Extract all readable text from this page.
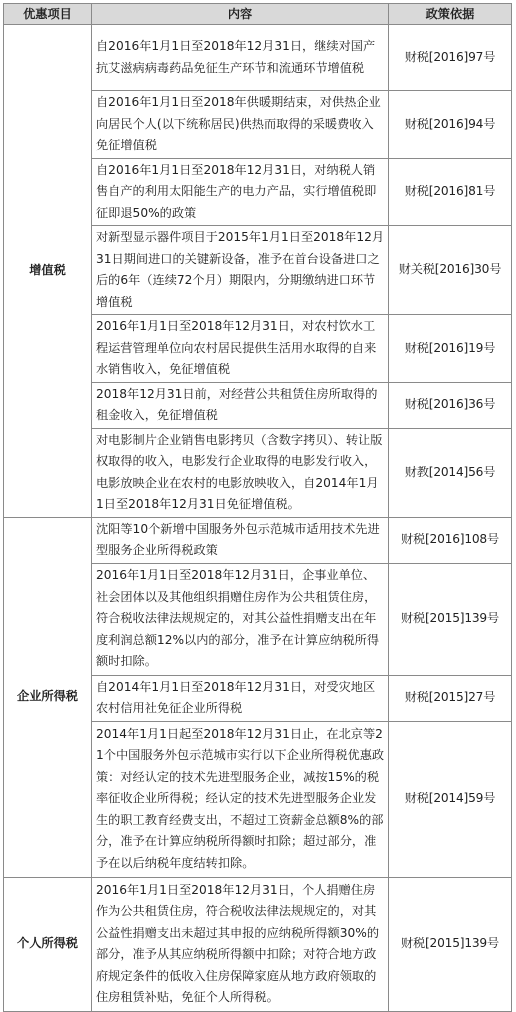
优惠项目	内容	政策依据
增值税	自2016年1月1日至2018年12月31日，继续对国产抗艾滋病病毒药品免征生产环节和流通环节增值税	财税[2016]97号
	自2016年1月1日至2018年供暖期结束，对供热企业向居民个人(以下统称居民)供热而取得的采暖费收入免征增值税	财税[2016]94号
	自2016年1月1日至2018年12月31日，对纳税人销售自产的利用太阳能生产的电力产品，实行增值税即征即退50%的政策	财税[2016]81号
	对新型显示器件项目于2015年1月1日至2018年12月31日期间进口的关键新设备，准予在首台设备进口之后的6年（连续72个月）期限内，分期缴纳进口环节增值税	财关税[2016]30号
	2016年1月1日至2018年12月31日，对农村饮水工程运营管理单位向农村居民提供生活用水取得的自来水销售收入，免征增值税	财税[2016]19号
	2018年12月31日前，对经营公共租赁住房所取得的租金收入，免征增值税	财税[2016]36号
	对电影制片企业销售电影拷贝（含数字拷贝）、转让版权取得的收入，电影发行企业取得的电影发行收入，电影放映企业在农村的电影放映收入，自2014年1月1日至2018年12月31日免征增值税。	财教[2014]56号
企业所得税	沈阳等10个新增中国服务外包示范城市适用技术先进型服务企业所得税政策	财税[2016]108号
	2016年1月1日至2018年12月31日，企事业单位、社会团体以及其他组织捐赠住房作为公共租赁住房，符合税收法律法规规定的，对其公益性捐赠支出在年度利润总额12%以内的部分，准予在计算应纳税所得额时扣除。	财税[2015]139号
	自2014年1月1日至2018年12月31日，对受灾地区农村信用社免征企业所得税	财税[2015]27号
	2014年1月1日起至2018年12月31日止，在北京等21个中国服务外包示范城市实行以下企业所得税优惠政策：对经认定的技术先进型服务企业，减按15%的税率征收企业所得税；经认定的技术先进型服务企业发生的职工教育经费支出，不超过工资薪金总额8%的部分，准予在计算应纳税所得额时扣除；超过部分，准予在以后纳税年度结转扣除。	财税[2014]59号
个人所得税	2016年1月1日至2018年12月31日，个人捐赠住房作为公共租赁住房，符合税收法律法规规定的，对其公益性捐赠支出未超过其申报的应纳税所得额30%的部分，准予从其应纳税所得额中扣除；对符合地方政府规定条件的低收入住房保障家庭从地方政府领取的住房租赁补贴，免征个人所得税。	财税[2015]139号
